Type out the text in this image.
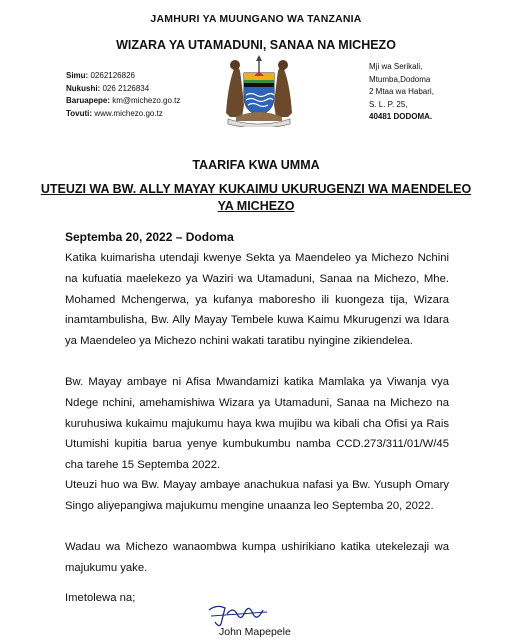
JAMHURI YA MUUNGANO WA TANZANIA
WIZARA YA UTAMADUNI, SANAA NA MICHEZO
Simu: 0262126826
Nukushi: 026 2126834
Baruapepe: km@michezo.go.tz
Tovuti: www.michezo.go.tz
Mji wa Serikali,
Mtumba,Dodoma
2 Mtaa wa Habari,
S. L. P. 25,
40481 DODOMA.
TAARIFA KWA UMMA
UTEUZI WA BW. ALLY MAYAY KUKAIMU UKURUGENZI WA MAENDELEO YA MICHEZO
Septemba 20, 2022 – Dodoma

Katika kuimarisha utendaji kwenye Sekta ya Maendeleo ya Michezo Nchini na kufuatia maelekezo ya Waziri wa Utamaduni, Sanaa na Michezo, Mhe. Mohamed Mchengerwa, ya kufanya maboresho ili kuongeza tija, Wizara inamtambulisha, Bw. Ally Mayay Tembele kuwa Kaimu Mkurugenzi wa Idara ya Maendeleo ya Michezo nchini wakati taratibu nyingine zikiendelea.

Bw. Mayay ambaye ni Afisa Mwandamizi katika Mamlaka ya Viwanja vya Ndege nchini, amehamishiwa Wizara ya Utamaduni, Sanaa na Michezo na kuruhusiwa kukaimu majukumu haya kwa mujibu wa kibali cha Ofisi ya Rais Utumishi kupitia barua yenye kumbukumbu namba CCD.273/311/01/W/45 cha tarehe 15 Septemba 2022.

Uteuzi huo wa Bw. Mayay ambaye anachukua nafasi ya Bw. Yusuph Omary Singo aliyepangiwa majukumu mengine unaanza leo Septemba 20, 2022.

Wadau wa Michezo wanaombwa kumpa ushirikiano katika utekelezaji wa majukumu yake.

Imetolewa na;
John Mapepele
